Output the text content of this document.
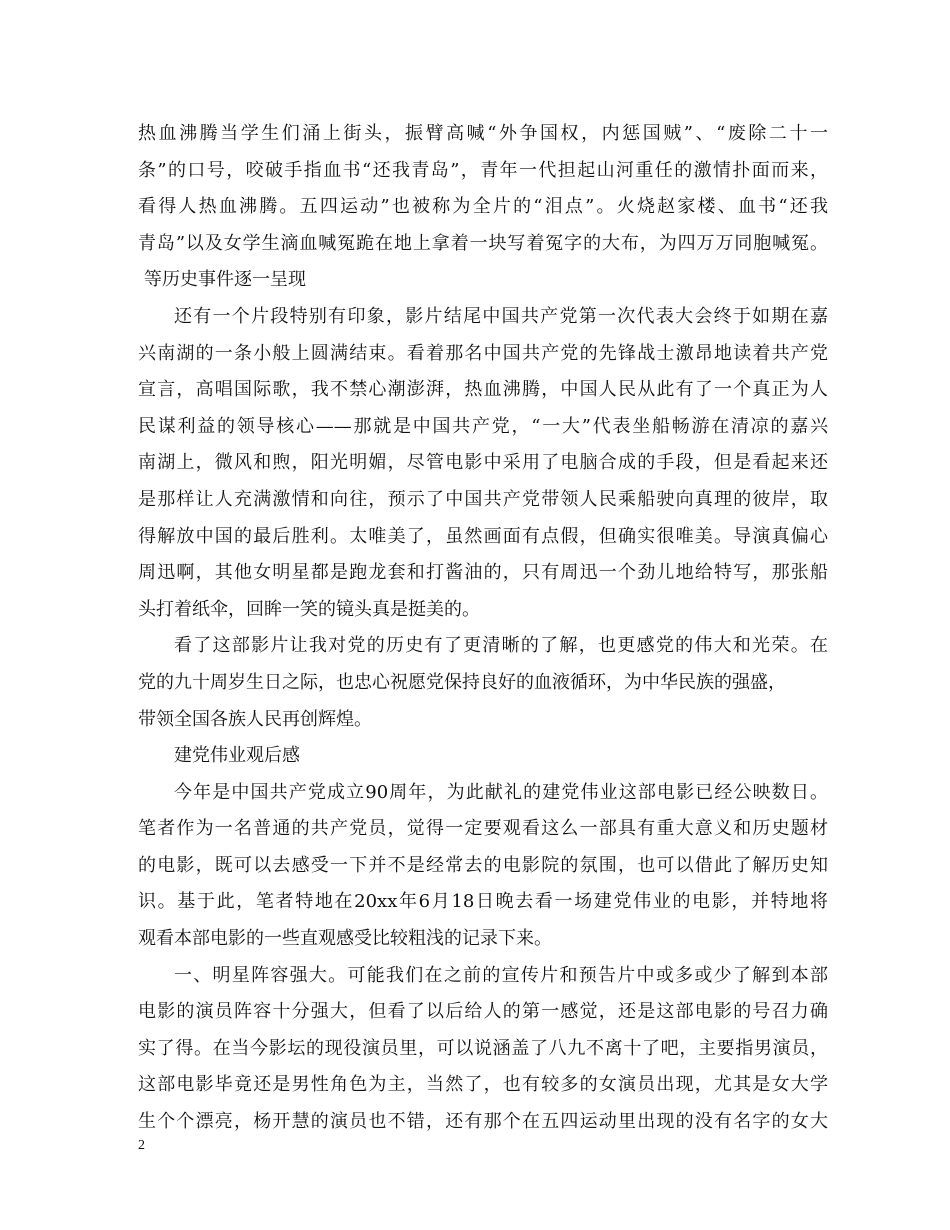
热血沸腾当学生们涌上街头，振臂高喊“外争国权，内惩国贼”、“废除二十一
条”的口号，咬破手指血书“还我青岛”，青年一代担起山河重任的激情扑面而来，
看得人热血沸腾。五四运动”也被称为全片的“泪点”。火烧赵家楼、血书“还我
青岛”以及女学生滴血喊冤跪在地上拿着一块写着冤字的大布，为四万万同胞喊冤。
等历史事件逐一呈现
还有一个片段特别有印象，影片结尾中国共产党第一次代表大会终于如期在嘉
兴南湖的一条小般上圆满结束。看着那名中国共产党的先锋战士激昂地读着共产党
宣言，高唱国际歌，我不禁心潮澎湃，热血沸腾，中国人民从此有了一个真正为人
民谋利益的领导核心——那就是中国共产党，“一大”代表坐船畅游在清凉的嘉兴
南湖上，微风和煦，阳光明媚，尽管电影中采用了电脑合成的手段，但是看起来还
是那样让人充满激情和向往，预示了中国共产党带领人民乘船驶向真理的彼岸，取
得解放中国的最后胜利。太唯美了，虽然画面有点假，但确实很唯美。导演真偏心
周迅啊，其他女明星都是跑龙套和打酱油的，只有周迅一个劲儿地给特写，那张船
头打着纸伞，回眸一笑的镜头真是挺美的。
看了这部影片让我对党的历史有了更清晰的了解，也更感党的伟大和光荣。在
党的九十周岁生日之际，也忠心祝愿党保持良好的血液循环，为中华民族的强盛，
带领全国各族人民再创辉煌。
建党伟业观后感
今年是中国共产党成立90周年，为此献礼的建党伟业这部电影已经公映数日。
笔者作为一名普通的共产党员，觉得一定要观看这么一部具有重大意义和历史题材
的电影，既可以去感受一下并不是经常去的电影院的氛围，也可以借此了解历史知
识。基于此，笔者特地在20xx年6月18日晚去看一场建党伟业的电影，并特地将
观看本部电影的一些直观感受比较粗浅的记录下来。
一、明星阵容强大。可能我们在之前的宣传片和预告片中或多或少了解到本部
电影的演员阵容十分强大，但看了以后给人的第一感觉，还是这部电影的号召力确
实了得。在当今影坛的现役演员里，可以说涵盖了八九不离十了吧，主要指男演员，
这部电影毕竟还是男性角色为主，当然了，也有较多的女演员出现，尤其是女大学
生个个漂亮，杨开慧的演员也不错，还有那个在五四运动里出现的没有名字的女大
2
